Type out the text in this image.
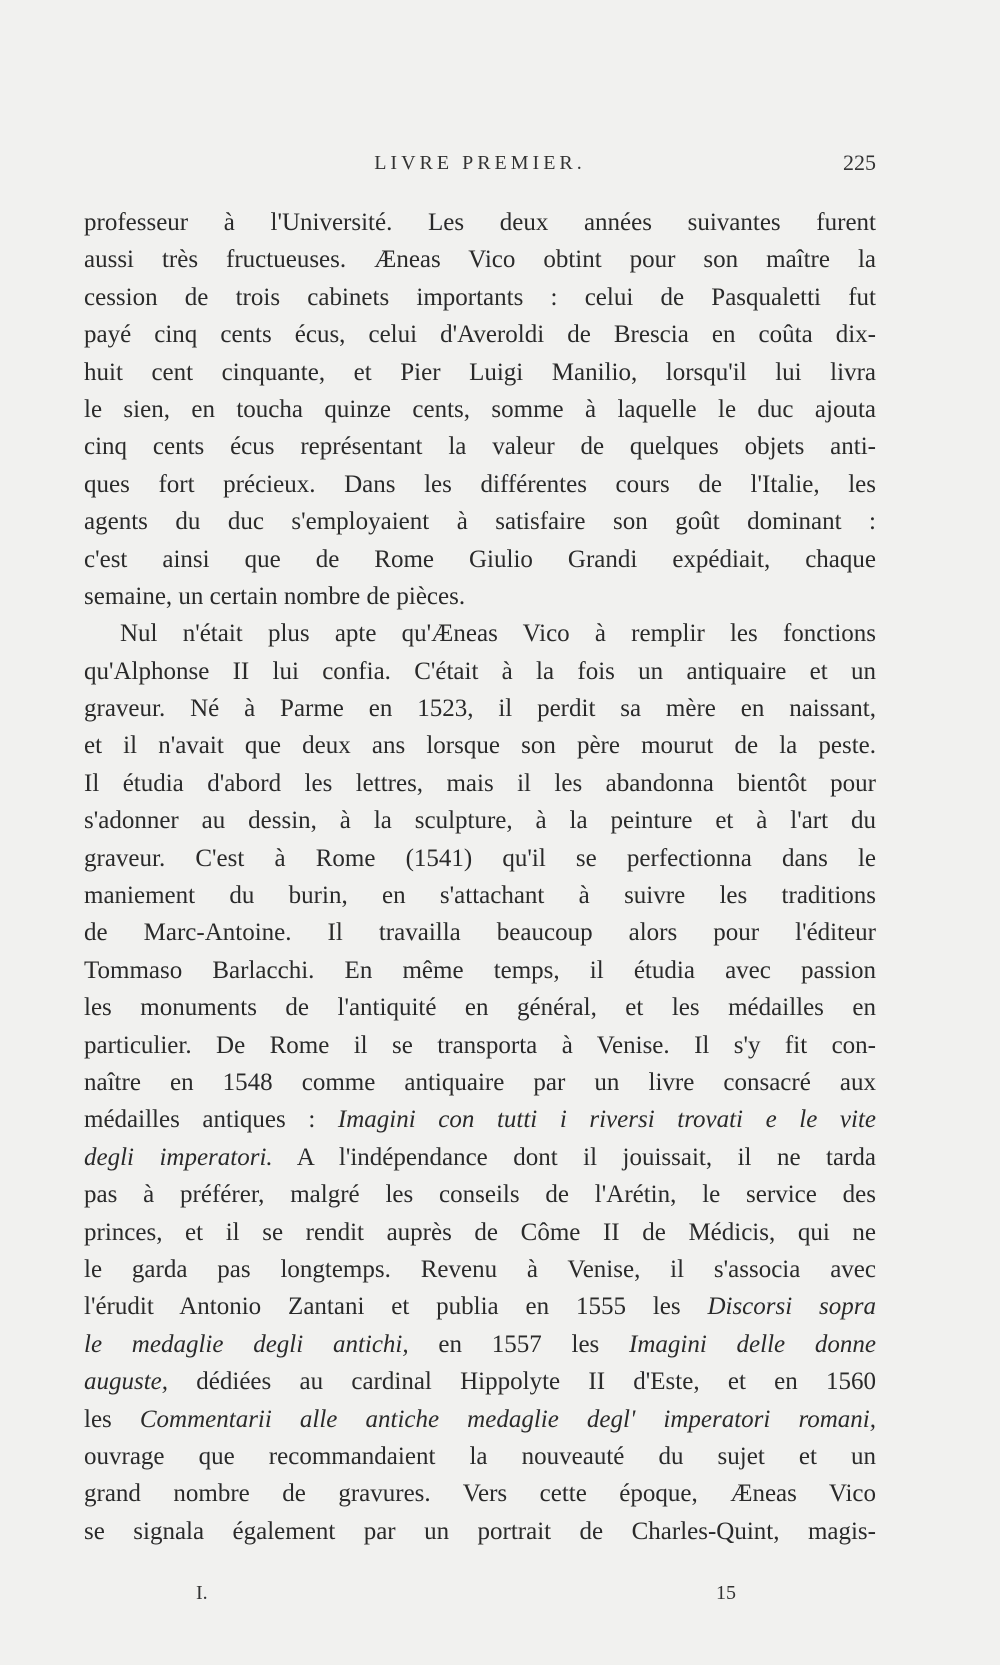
LIVRE PREMIER.	225
professeur à l'Université. Les deux années suivantes furent
aussi très fructueuses. Æneas Vico obtint pour son maître la
cession de trois cabinets importants : celui de Pasqualetti fut
payé cinq cents écus, celui d'Averoldi de Brescia en coûta dix-
huit cent cinquante, et Pier Luigi Manilio, lorsqu'il lui livra
le sien, en toucha quinze cents, somme à laquelle le duc ajouta
cinq cents écus représentant la valeur de quelques objets anti-
ques fort précieux. Dans les différentes cours de l'Italie, les
agents du duc s'employaient à satisfaire son goût dominant :
c'est ainsi que de Rome Giulio Grandi expédiait, chaque
semaine, un certain nombre de pièces.
Nul n'était plus apte qu'Æneas Vico à remplir les fonctions
qu'Alphonse II lui confia. C'était à la fois un antiquaire et un
graveur. Né à Parme en 1523, il perdit sa mère en naissant,
et il n'avait que deux ans lorsque son père mourut de la peste.
Il étudia d'abord les lettres, mais il les abandonna bientôt pour
s'adonner au dessin, à la sculpture, à la peinture et à l'art du
graveur. C'est à Rome (1541) qu'il se perfectionna dans le
maniement du burin, en s'attachant à suivre les traditions
de Marc-Antoine. Il travailla beaucoup alors pour l'éditeur
Tommaso Barlacchi. En même temps, il étudia avec passion
les monuments de l'antiquité en général, et les médailles en
particulier. De Rome il se transporta à Venise. Il s'y fit con-
naître en 1548 comme antiquaire par un livre consacré aux
médailles antiques : Imagini con tutti i riversi trovati e le vite
degli imperatori. A l'indépendance dont il jouissait, il ne tarda
pas à préférer, malgré les conseils de l'Arétin, le service des
princes, et il se rendit auprès de Côme II de Médicis, qui ne
le garda pas longtemps. Revenu à Venise, il s'associa avec
l'érudit Antonio Zantani et publia en 1555 les Discorsi sopra
le medaglie degli antichi, en 1557 les Imagini delle donne
auguste, dédiées au cardinal Hippolyte II d'Este, et en 1560
les Commentarii alle antiche medaglie degl' imperatori romani,
ouvrage que recommandaient la nouveauté du sujet et un
grand nombre de gravures. Vers cette époque, Æneas Vico
se signala également par un portrait de Charles-Quint, magis-
I.	15
